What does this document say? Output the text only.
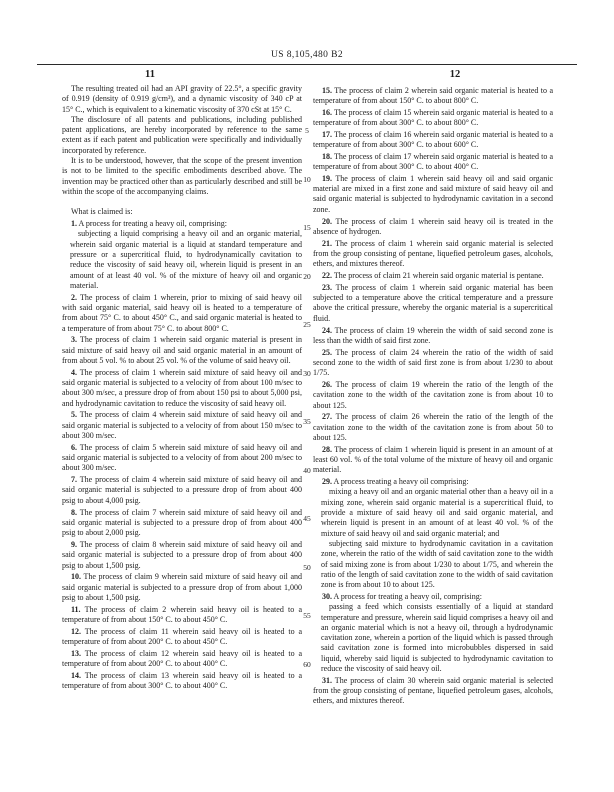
US 8,105,480 B2
11	12
5
10
15
20
25
30
35
40
45
50
55
60

The resulting treated oil had an API gravity of 22.5°, a specific gravity of 0.919 (density of 0.919 g/cm³), and a dynamic viscosity of 340 cP at 15° C., which is equivalent to a kinematic viscosity of 370 cSt at 15° C.

The disclosure of all patents and publications, including published patent applications, are hereby incorporated by reference to the same extent as if each patent and publication were specifically and individually incorporated by reference.

It is to be understood, however, that the scope of the present invention is not to be limited to the specific embodiments described above. The invention may be practiced other than as particularly described and still be within the scope of the accompanying claims.

What is claimed is:

1. A process for treating a heavy oil, comprising:

subjecting a liquid comprising a heavy oil and an organic material, wherein said organic material is a liquid at standard temperature and pressure or a supercritical fluid, to hydrodynamically cavitation to reduce the viscosity of said heavy oil, wherein liquid is present in an amount of at least 40 vol. % of the mixture of heavy oil and organic material.

2. The process of claim 1 wherein, prior to mixing of said heavy oil with said organic material, said heavy oil is heated to a temperature of from about 75° C. to about 450° C., and said organic material is heated to a temperature of from about 75° C. to about 800° C.

3. The process of claim 1 wherein said organic material is present in said mixture of said heavy oil and said organic material in an amount of from about 5 vol. % to about 25 vol. % of the volume of said heavy oil.

4. The process of claim 1 wherein said mixture of said heavy oil and said organic material is subjected to a velocity of from about 100 m/sec to about 300 m/sec, a pressure drop of from about 150 psi to about 5,000 psi, and hydrodynamic cavitation to reduce the viscosity of said heavy oil.

5. The process of claim 4 wherein said mixture of said heavy oil and said organic material is subjected to a velocity of from about 150 m/sec to about 300 m/sec.

6. The process of claim 5 wherein said mixture of said heavy oil and said organic material is subjected to a velocity of from about 200 m/sec to about 300 m/sec.

7. The process of claim 4 wherein said mixture of said heavy oil and said organic material is subjected to a pressure drop of from about 400 psig to about 4,000 psig.

8. The process of claim 7 wherein said mixture of said heavy oil and said organic material is subjected to a pressure drop of from about 400 psig to about 2,000 psig.

9. The process of claim 8 wherein said mixture of said heavy oil and said organic material is subjected to a pressure drop of from about 400 psig to about 1,500 psig.

10. The process of claim 9 wherein said mixture of said heavy oil and said organic material is subjected to a pressure drop of from about 1,000 psig to about 1,500 psig.

11. The process of claim 2 wherein said heavy oil is heated to a temperature of from about 150° C. to about 450° C.

12. The process of claim 11 wherein said heavy oil is heated to a temperature of from about 200° C. to about 450° C.

13. The process of claim 12 wherein said heavy oil is heated to a temperature of from about 200° C. to about 400° C.

14. The process of claim 13 wherein said heavy oil is heated to a temperature of from about 300° C. to about 400° C.

15. The process of claim 2 wherein said organic material is heated to a temperature of from about 150° C. to about 800° C.

16. The process of claim 15 wherein said organic material is heated to a temperature of from about 300° C. to about 800° C.

17. The process of claim 16 wherein said organic material is heated to a temperature of from about 300° C. to about 600° C.

18. The process of claim 17 wherein said organic material is heated to a temperature of from about 300° C. to about 400° C.

19. The process of claim 1 wherein said heavy oil and said organic material are mixed in a first zone and said mixture of said heavy oil and said organic material is subjected to hydrodynamic cavitation in a second zone.

20. The process of claim 1 wherein said heavy oil is treated in the absence of hydrogen.

21. The process of claim 1 wherein said organic material is selected from the group consisting of pentane, liquefied petroleum gases, alcohols, ethers, and mixtures thereof.

22. The process of claim 21 wherein said organic material is pentane.

23. The process of claim 1 wherein said organic material has been subjected to a temperature above the critical temperature and a pressure above the critical pressure, whereby the organic material is a supercritical fluid.

24. The process of claim 19 wherein the width of said second zone is less than the width of said first zone.

25. The process of claim 24 wherein the ratio of the width of said second zone to the width of said first zone is from about 1/230 to about 1/75.

26. The process of claim 19 wherein the ratio of the length of the cavitation zone to the width of the cavitation zone is from about 10 to about 125.

27. The process of claim 26 wherein the ratio of the length of the cavitation zone to the width of the cavitation zone is from about 50 to about 125.

28. The process of claim 1 wherein liquid is present in an amount of at least 60 vol. % of the total volume of the mixture of heavy oil and organic material.

29. A process treating a heavy oil comprising:

mixing a heavy oil and an organic material other than a heavy oil in a mixing zone, wherein said organic material is a supercritical fluid, to provide a mixture of said heavy oil and said organic material, and wherein liquid is present in an amount of at least 40 vol. % of the mixture of said heavy oil and said organic material; and

subjecting said mixture to hydrodynamic cavitation in a cavitation zone, wherein the ratio of the width of said cavitation zone to the width of said mixing zone is from about 1/230 to about 1/75, and wherein the ratio of the length of said cavitation zone to the width of said cavitation zone is from about 10 to about 125.

30. A process for treating a heavy oil, comprising:

passing a feed which consists essentially of a liquid at standard temperature and pressure, wherein said liquid comprises a heavy oil and an organic material which is not a heavy oil, through a hydrodynamic cavitation zone, wherein a portion of the liquid which is passed through said cavitation zone is formed into microbubbles dispersed in said liquid, whereby said liquid is subjected to hydrodynamic cavitation to reduce the viscosity of said heavy oil.

31. The process of claim 30 wherein said organic material is selected from the group consisting of pentane, liquefied petroleum gases, alcohols, ethers, and mixtures thereof.
